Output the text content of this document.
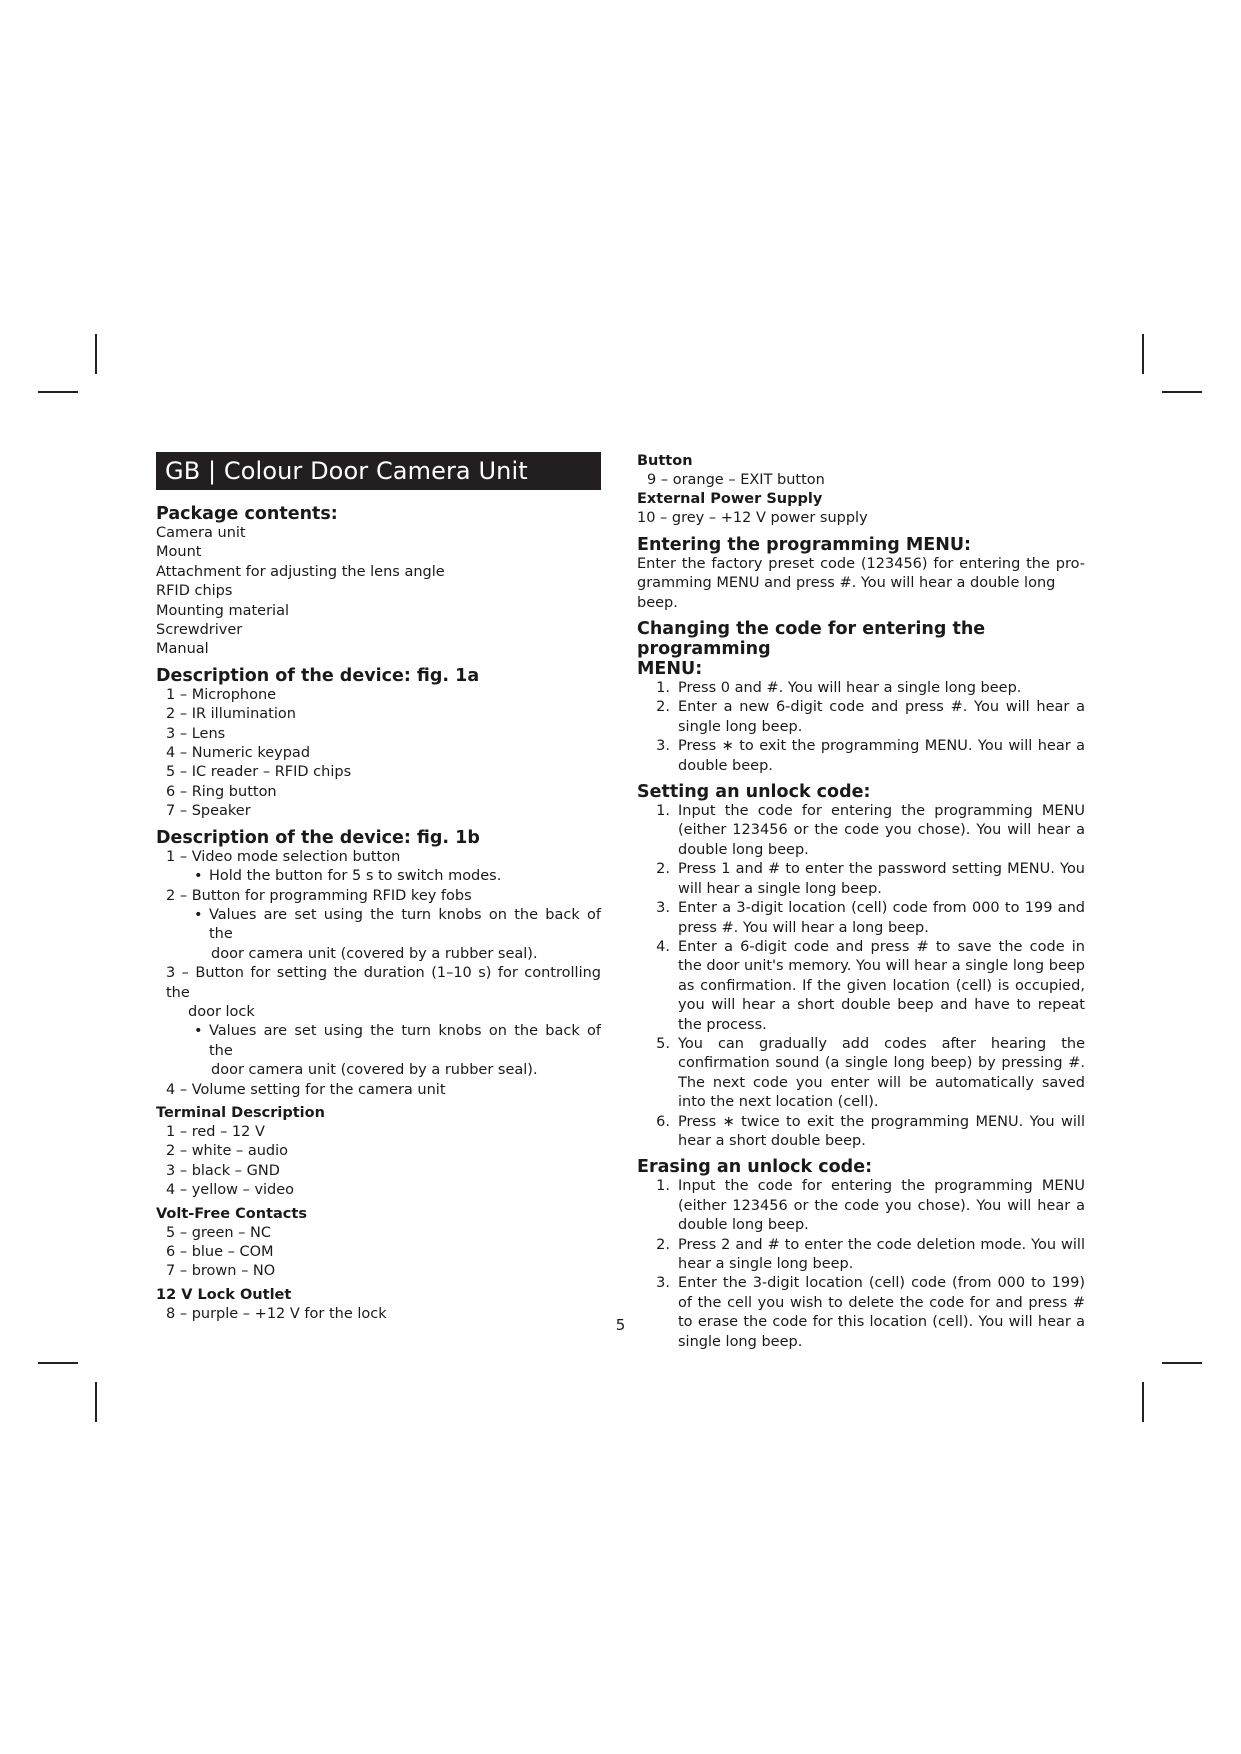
GB | Colour Door Camera Unit
Package contents:
Camera unit
Mount
Attachment for adjusting the lens angle
RFID chips
Mounting material
Screwdriver
Manual
Description of the device: fig. 1a
1 – Microphone
2 – IR illumination
3 – Lens
4 – Numeric keypad
5 – IC reader – RFID chips
6 – Ring button
7 – Speaker
Description of the device: fig. 1b
1 – Video mode selection button
• Hold the button for 5 s to switch modes.
2 – Button for programming RFID key fobs
• Values are set using the turn knobs on the back of the
door camera unit (covered by a rubber seal).
3 – Button for setting the duration (1–10 s) for controlling the
door lock
• Values are set using the turn knobs on the back of the
door camera unit (covered by a rubber seal).
4 – Volume setting for the camera unit
Terminal Description
1 – red – 12 V
2 – white – audio
3 – black – GND
4 – yellow – video
Volt-Free Contacts
5 – green – NC
6 – blue – COM
7 – brown – NO
12 V Lock Outlet
8 – purple – +12 V for the lock
Button
9 – orange – EXIT button
External Power Supply
10 – grey – +12 V power supply
Entering the programming MENU:
Enter the factory preset code (123456) for entering the pro-
gramming MENU and press #. You will hear a double long beep.
Changing the code for entering the programming
MENU:
1. Press 0 and #. You will hear a single long beep.
2. Enter a new 6-digit code and press #. You will hear a single long beep.
3. Press ∗ to exit the programming MENU. You will hear a double beep.
Setting an unlock code:
1. Input the code for entering the programming MENU (either 123456 or the code you chose). You will hear a double long beep.
2. Press 1 and # to enter the password setting MENU. You will hear a single long beep.
3. Enter a 3-digit location (cell) code from 000 to 199 and press #. You will hear a long beep.
4. Enter a 6-digit code and press # to save the code in the door unit's memory. You will hear a single long beep as confirmation. If the given location (cell) is occupied, you will hear a short double beep and have to repeat the process.
5. You can gradually add codes after hearing the confirmation sound (a single long beep) by pressing #. The next code you enter will be automatically saved into the next location (cell).
6. Press ∗ twice to exit the programming MENU. You will hear a short double beep.
Erasing an unlock code:
1. Input the code for entering the programming MENU (either 123456 or the code you chose). You will hear a double long beep.
2. Press 2 and # to enter the code deletion mode. You will hear a single long beep.
3. Enter the 3-digit location (cell) code (from 000 to 199) of the cell you wish to delete the code for and press # to erase the code for this location (cell). You will hear a single long beep.
5
